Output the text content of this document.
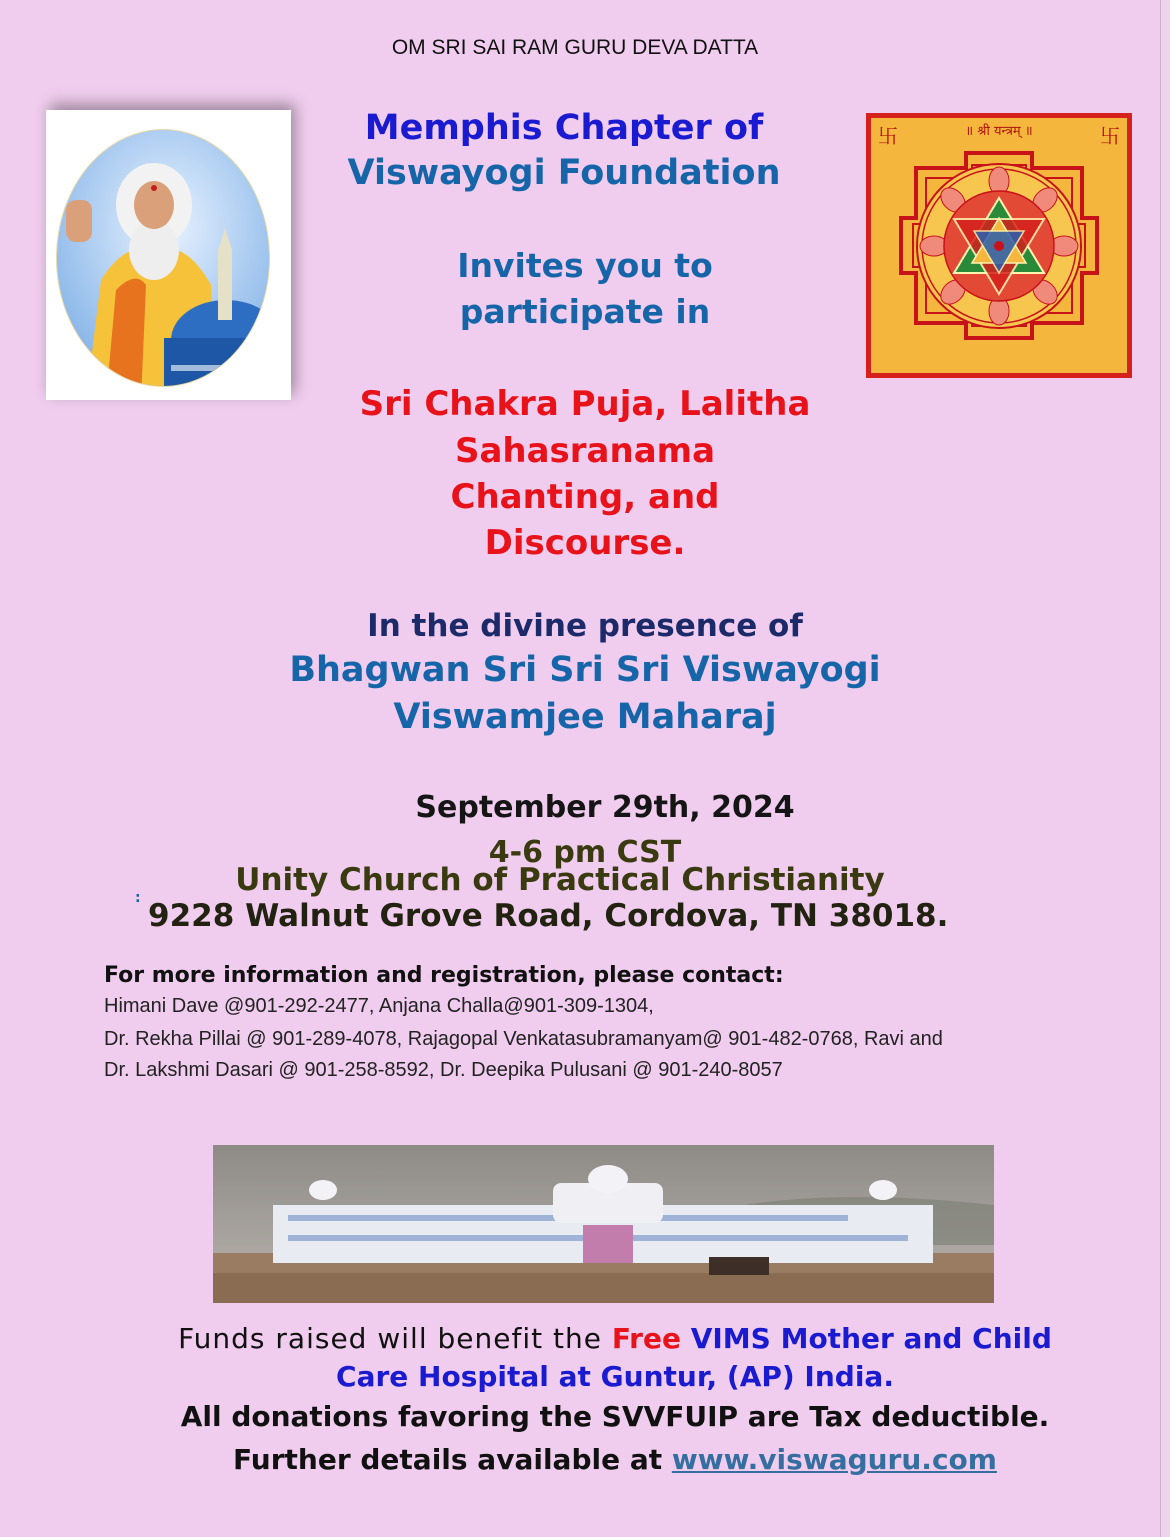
OM SRI SAI RAM GURU DEVA DATTA
Memphis Chapter of
Viswayogi Foundation
॥ श्री यन्त्रम् ॥
卐	卐
Invites you to
participate in
Sri Chakra Puja, Lalitha
Sahasranama
Chanting, and
Discourse.
In the divine presence of
Bhagwan Sri Sri Sri Viswayogi
Viswamjee Maharaj
September 29th, 2024
4-6 pm CST
Unity Church of Practical Christianity
: 9228 Walnut Grove Road, Cordova, TN 38018.
For more information and registration, please contact:
Himani Dave @901-292-2477, Anjana Challa@901-309-1304,
Dr. Rekha Pillai @ 901-289-4078, Rajagopal Venkatasubramanyam@ 901-482-0768, Ravi and
Dr. Lakshmi Dasari @ 901-258-8592, Dr. Deepika Pulusani @ 901-240-8057
Funds raised will benefit the Free VIMS Mother and Child
Care Hospital at Guntur, (AP) India.
All donations favoring the SVVFUIP are Tax deductible.
Further details available at www.viswaguru.com
